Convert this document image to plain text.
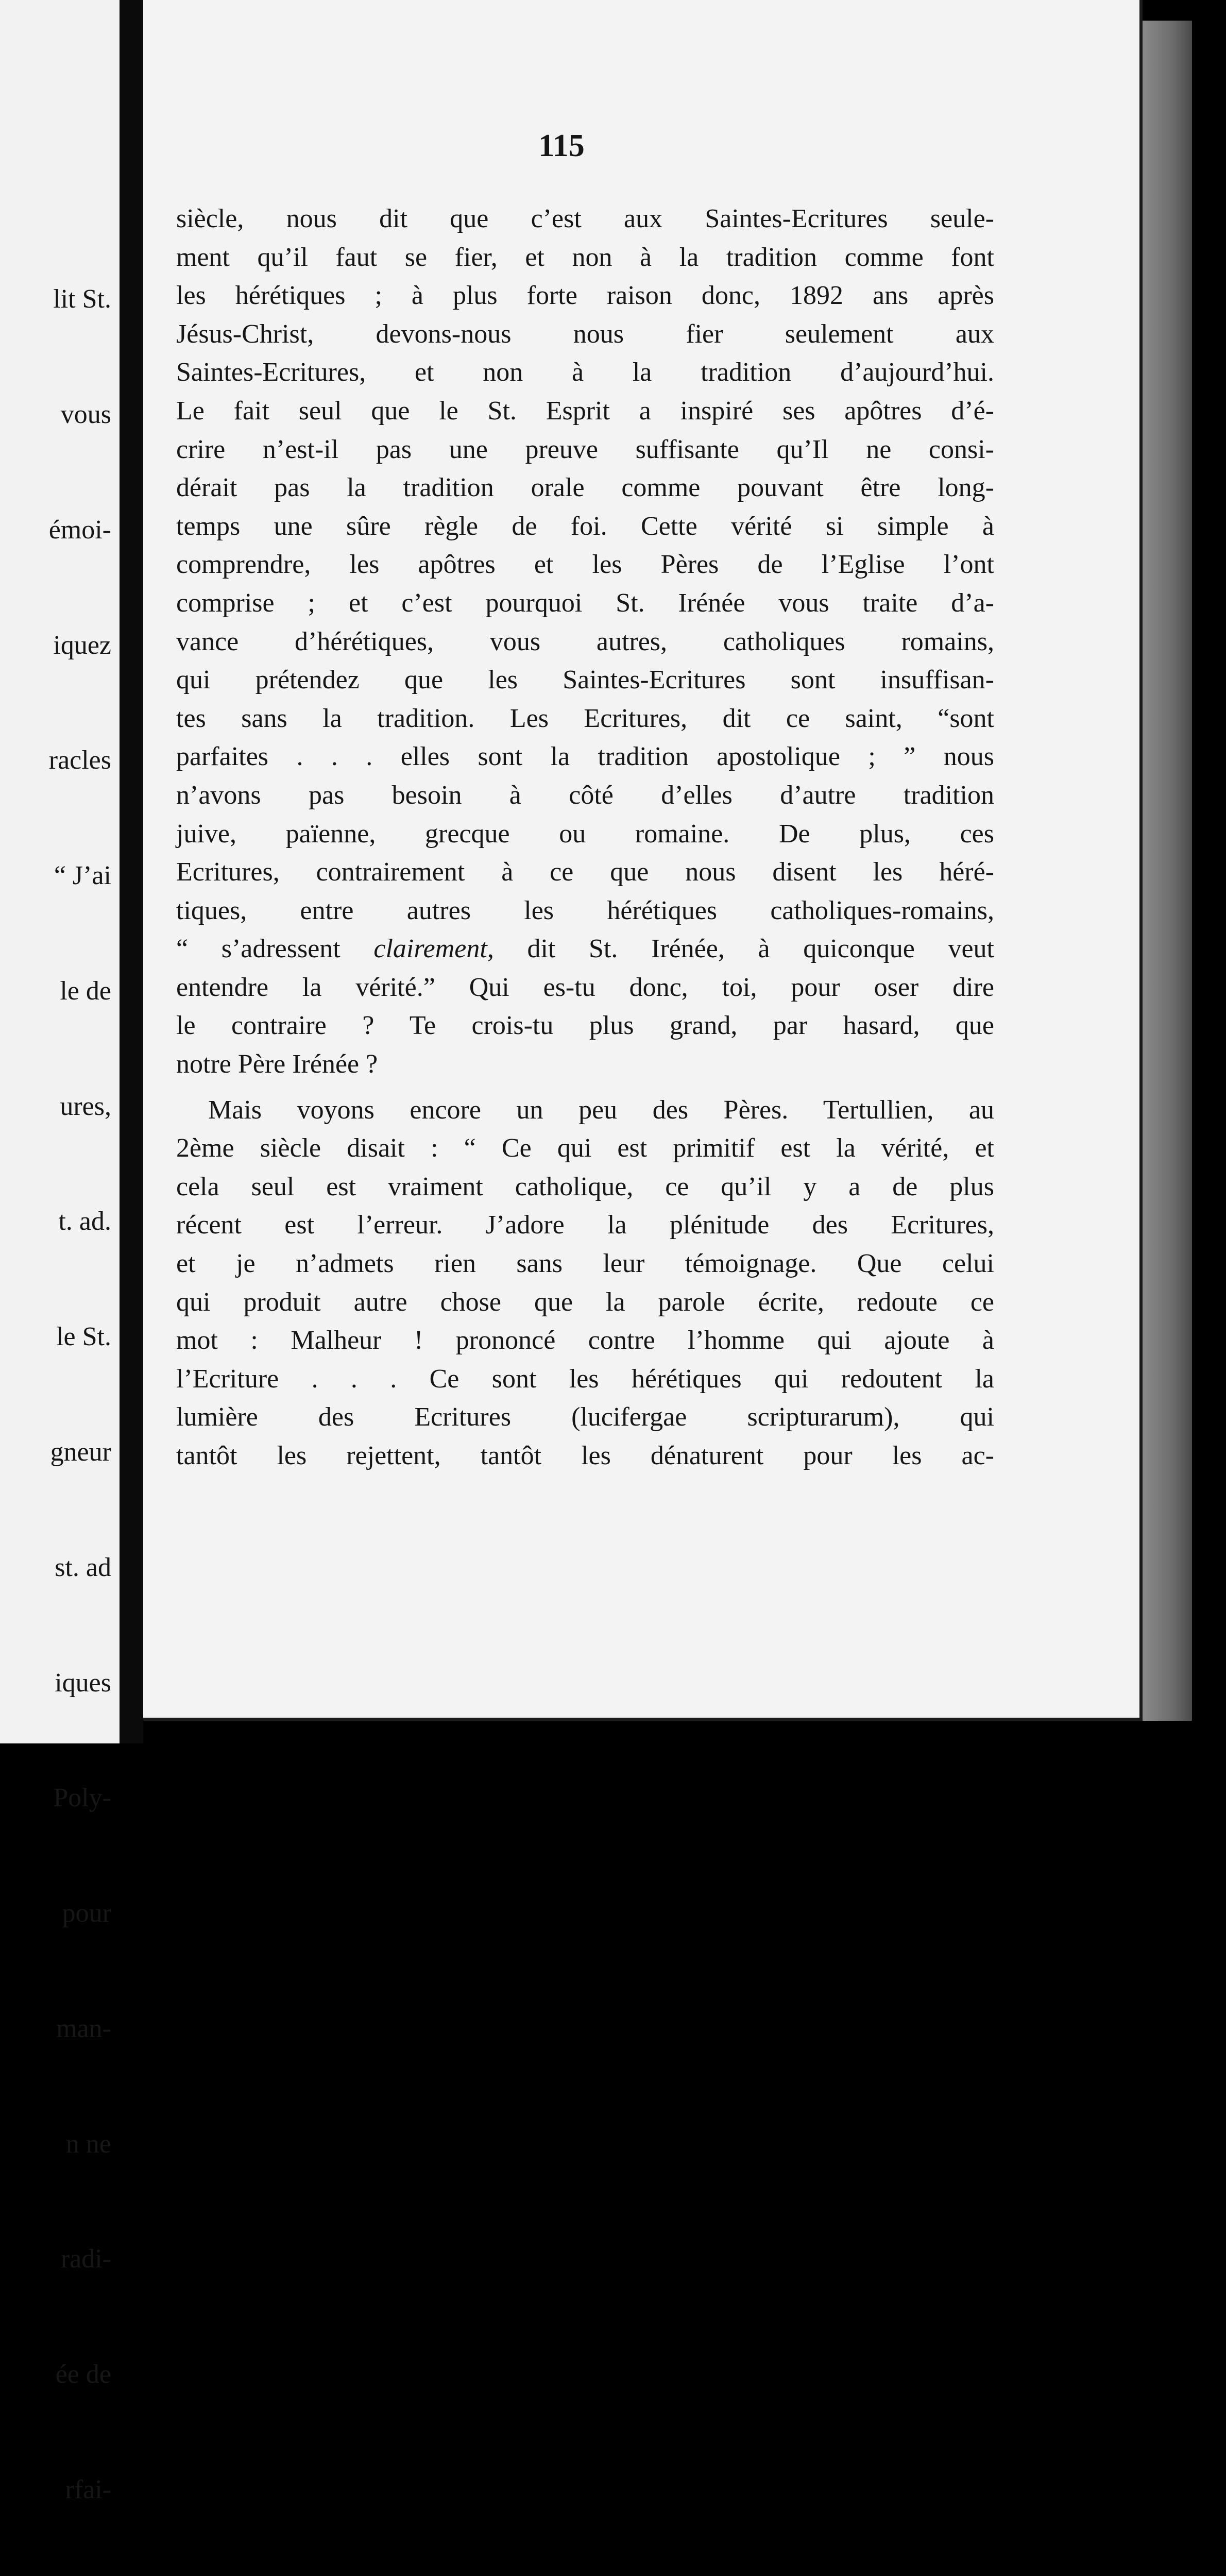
lit St.

vous

émoi-

iquez

racles

“ J’ai

le de

ures,

t. ad.

le St.

gneur

st. ad

iques

Poly-

pour

man-

n ne

radi-

ée de

rfai-

115
siècle, nous dit que c’est aux Saintes-Ecritures seule-
ment qu’il faut se fier, et non à la tradition comme font
les hérétiques ; à plus forte raison donc, 1892 ans après
Jésus-Christ, devons-nous nous fier seulement aux
Saintes-Ecritures, et non à la tradition d’aujourd’hui.
Le fait seul que le St. Esprit a inspiré ses apôtres d’é-
crire n’est-il pas une preuve suffisante qu’Il ne consi-
dérait pas la tradition orale comme pouvant être long-
temps une sûre règle de foi. Cette vérité si simple à
comprendre, les apôtres et les Pères de l’Eglise l’ont
comprise ; et c’est pourquoi St. Irénée vous traite d’a-
vance d’hérétiques, vous autres, catholiques romains,
qui prétendez que les Saintes-Ecritures sont insuffisan-
tes sans la tradition. Les Ecritures, dit ce saint, “sont
parfaites . . . elles sont la tradition apostolique ; ” nous
n’avons pas besoin à côté d’elles d’autre tradition
juive, païenne, grecque ou romaine. De plus, ces
Ecritures, contrairement à ce que nous disent les héré-
tiques, entre autres les hérétiques catholiques-romains,
“ s’adressent clairement, dit St. Irénée, à quiconque veut
entendre la vérité.” Qui es-tu donc, toi, pour oser dire
le contraire ? Te crois-tu plus grand, par hasard, que
notre Père Irénée ?
Mais voyons encore un peu des Pères. Tertullien, au
2ème siècle disait : “ Ce qui est primitif est la vérité, et
cela seul est vraiment catholique, ce qu’il y a de plus
récent est l’erreur. J’adore la plénitude des Ecritures,
et je n’admets rien sans leur témoignage. Que celui
qui produit autre chose que la parole écrite, redoute ce
mot : Malheur ! prononcé contre l’homme qui ajoute à
l’Ecriture . . . Ce sont les hérétiques qui redoutent la
lumière des Ecritures (lucifergae scripturarum), qui
tantôt les rejettent, tantôt les dénaturent pour les ac-
